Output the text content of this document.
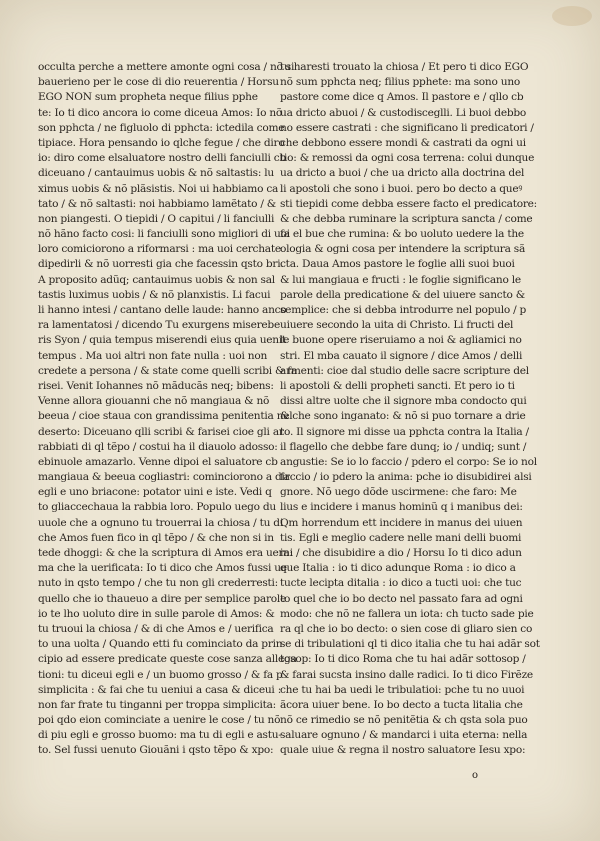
occulta perche a mettere amonte ogni cosa / nõ si
bauerieno per le cose di dio reuerentia / Horsu
EGO NON sum propheta neque filius pphe
te: Io ti dico ancora io come diceua Amos: Io nõ
son pphcta / ne figluolo di pphcta: ictedila come
tipiace. Hora pensando io qlche fegue / che diro
io: diro come elsaluatore nostro delli fanciulli cb
diceuano / cantauimus uobis & nõ saltastis: lu
ximus uobis & nõ plãsistis. Noi ui habbiamo ca
tato / & nõ saltasti: noi habbiamo lamẽtato / &
non piangesti. O tiepidi / O capitui / li fanciulli
nõ hãno facto cosi: li fanciulli sono migliori di uoi
loro comiciorono a riformarsi : ma uoi cerchate
dipedirli & nõ uorresti gia che facessin qsto bri.
A proposito adũq; cantauimus uobis & non sal
tastis luximus uobis / & nõ planxistis. Li facui
li hanno intesi / cantano delle laude: hanno anco
ra lamentatosi / dicendo Tu exurgens miserebe
ris Syon / quia tempus miserendi eius quia uenit
tempus . Ma uoi altri non fate nulla : uoi non
credete a persona / & state come quelli scribi & fa
risei. Venit Iohannes nõ mãducãs neq; bibens:
Venne allora giouanni che nõ mangiaua & nõ
beeua / cioe staua con grandissima penitentia nel
deserto: Diceuano qlli scribi & farisei cioe gli ar
rabbiati di ql tẽpo / costui ha il diauolo adosso:
ebinuole amazarlo. Venne dipoi el saluatore cb
mangiaua & beeua cogliastri: cominciorono a dir
egli e uno briacone: potator uini e iste. Vedi q
to gliaccechaua la rabbia loro. Populo uego du
uuole che a ognuno tu trouerrai la chiosa / tu di
che Amos fuen fico in ql tẽpo / & che non si in
tede dhoggi: & che la scriptura di Amos era uera:
ma che la uerificata: Io ti dico che Amos fussi ue
nuto in qsto tempo / che tu non gli crederresti:
quello che io thaueuo a dire per semplice parole
io te lho uoluto dire in sulle parole di Amos: &
tu truoui la chiosa / & di che Amos e / uerifica
to una uolta / Quando etti fu cominciato da prin
cipio ad essere predicate queste cose sanza allega
tioni: tu diceui egli e / un buomo grosso / & fa p
simplicita : & fai che tu ueniui a casa & diceui :
non far frate tu tinganni per troppa simplicita:
poi qdo eion cominciate a uenire le cose / tu nõ
di piu egli e grosso buomo: ma tu di egli e astu-
to. Sel fussi uenuto Giouãni i qsto tẽpo & xpo:
tu haresti trouato la chiosa / Et pero ti dico EGO
nõ sum pphcta neq; filius pphete: ma sono uno
pastore come dice q Amos. Il pastore e / qllo cb
ua dricto abuoi / & custodisceglli. Li buoi debbo
no essere castrati : che significano li predicatori /
che debbono essere mondi & castrati da ogni ui
tio: & remossi da ogni cosa terrena: colui dunque
ua dricto a buoi / che ua dricto alla doctrina del
li apostoli che sono i buoi. pero bo decto a queꝰ
sti tiepidi come debba essere facto el predicatore:
& che debba ruminare la scriptura sancta / come
fa el bue che rumina: & bo uoluto uedere la the
ologia & ogni cosa per intendere la scriptura sã
cta. Daua Amos pastore le foglie alli suoi buoi
& lui mangiaua e fructi : le foglie significano le
parole della predicatione & del uiuere sancto &
semplice: che si debba introdurre nel populo / p
uiuere secondo la uita di Christo. Li fructi del
le buone opere riseruiamo a noi & agliamici no
stri. El mba cauato il signore / dice Amos / delli
armenti: cioe dal studio delle sacre scripture del
li apostoli & delli propheti sancti. Et pero io ti
dissi altre uolte che il signore mba condocto qui
& che sono inganato: & nõ si puo tornare a drie
to. Il signore mi disse ua pphcta contra la Italia /
il flagello che debbe fare dunq; io / undiq; sunt /
angustie: Se io lo faccio / pdero el corpo: Se io nol
faccio / io pdero la anima: pche io disubidirei alsi
gnore. Nõ uego dõde uscirmene: che faro: Me
lius e incidere i manus hominũ q i manibus dei:
Qm horrendum ett incidere in manus dei uiuen
tis. Egli e meglio cadere nelle mani delli buomi
ini / che disubidire a dio / Horsu Io ti dico adun
que Italia : io ti dico adunque Roma : io dico a
tucte lecipta ditalia : io dico a tucti uoi: che tuc
to quel che io bo decto nel passato fara ad ogni
modo: che nõ ne fallera un iota: ch tucto sade pie
ra ql che io bo decto: o sien cose di gliaro sien co
se di tribulationi ql ti dico italia che tu hai adãr sot
tosop: Io ti dico Roma che tu hai adãr sottosop /
& farai sucsta insino dalle radici. Io ti dico Firẽze
che tu hai ba uedi le tribulatioi: pche tu no uuoi
ãcora uiuer bene. Io bo decto a tucta litalia che
nõ ce rimedio se nõ penitẽtia & ch qsta sola puo
saluare ognuno / & mandarci i uita eterna: nella
quale uiue & regna il nostro saluatore Iesu xpo:
o
